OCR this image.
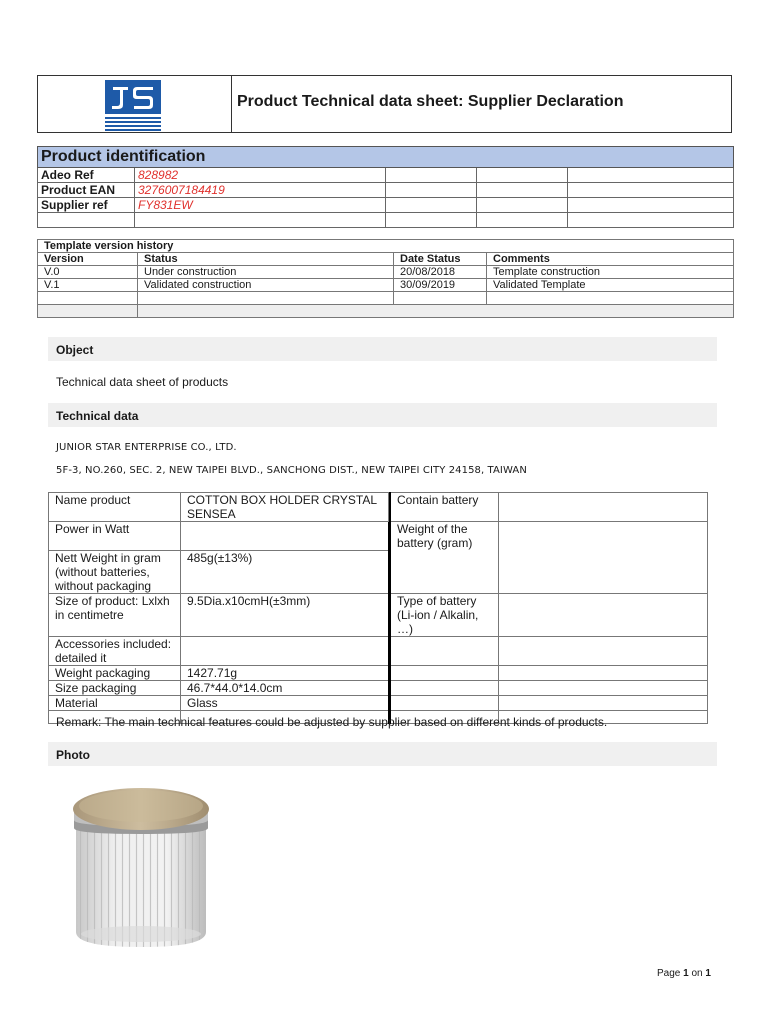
Product Technical data sheet: Supplier Declaration
Product identification				
Adeo Ref	828982			
Product EAN	3276007184419			
Supplier ref	FY831EW			

Template version history			
Version	Status	Date Status	Comments
V.0	Under construction	20/08/2018	Template construction
V.1	Validated construction	30/09/2019	Validated Template

Object
Technical data sheet of products
Technical data
JUNIOR STAR ENTERPRISE CO., LTD.
5F-3, NO.260, SEC. 2, NEW TAIPEI BLVD., SANCHONG DIST., NEW TAIPEI CITY 24158, TAIWAN
Name product	COTTON BOX HOLDER CRYSTAL SENSEA		Contain battery	
Power in Watt			Weight of the battery (gram)	
Nett Weight in gram (without batteries, without packaging	485g(±13%)			
Size of product: Lxlxh in centimetre	9.5Dia.x10cmH(±3mm)		Type of battery (Li-ion / Alkalin, …)	
Accessories included: detailed it				
Weight packaging	1427.71g			
Size packaging	46.7*44.0*14.0cm			
Material	Glass			

Remark: The main technical features could be adjusted by supplier based on different kinds of products.
Photo
Page 1 on 1
